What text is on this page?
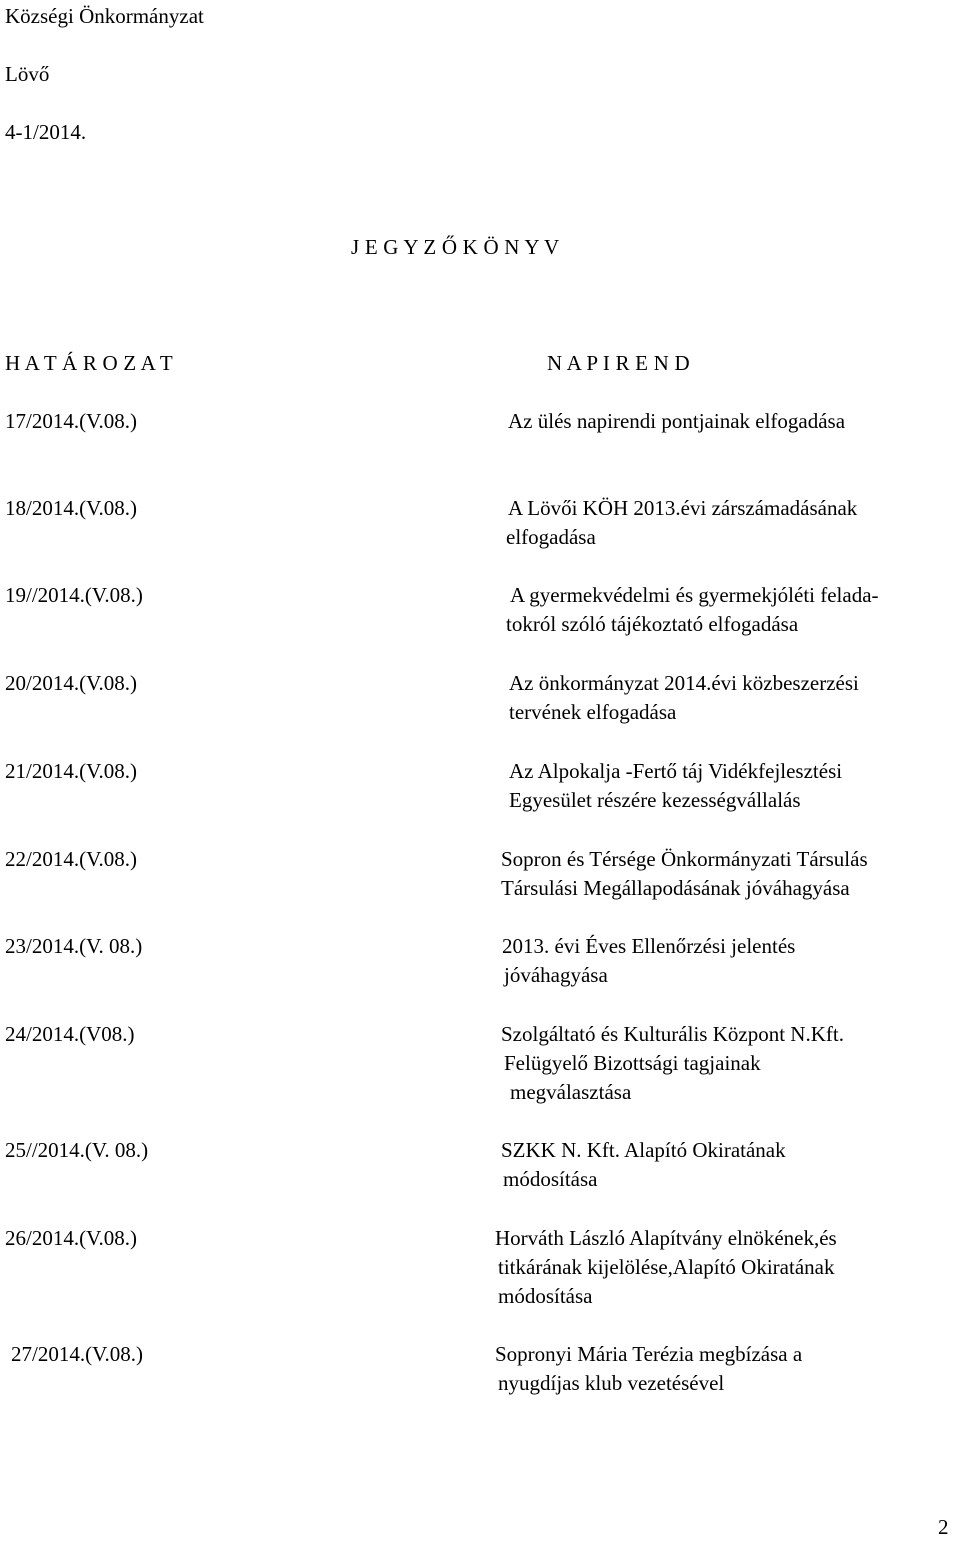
Községi Önkormányzat
Lövő
4-1/2014.
J E G Y Z Ő K Ö N Y V
H A T Á R O Z A T	N A P I R E N D
17/2014.(V.08.)	Az ülés napirendi pontjainak elfogadása
18/2014.(V.08.)	A Lövői KÖH 2013.évi zárszámadásának
elfogadása
19//2014.(V.08.)	A gyermekvédelmi és gyermekjóléti felada-
tokról szóló tájékoztató elfogadása
20/2014.(V.08.)	Az önkormányzat 2014.évi közbeszerzési
tervének elfogadása
21/2014.(V.08.)	Az Alpokalja -Fertő táj Vidékfejlesztési
Egyesület részére kezességvállalás
22/2014.(V.08.)	Sopron és Térsége Önkormányzati Társulás
Társulási Megállapodásának jóváhagyása
23/2014.(V. 08.)	2013. évi Éves Ellenőrzési jelentés
jóváhagyása
24/2014.(V08.)	Szolgáltató és Kulturális Központ N.Kft.
Felügyelő Bizottsági tagjainak
megválasztása
25//2014.(V. 08.)	SZKK N. Kft. Alapító Okiratának
módosítása
26/2014.(V.08.)	Horváth László Alapítvány elnökének,és
titkárának kijelölése,Alapító Okiratának
módosítása
27/2014.(V.08.)	Sopronyi Mária Terézia megbízása a
nyugdíjas klub vezetésével
2
